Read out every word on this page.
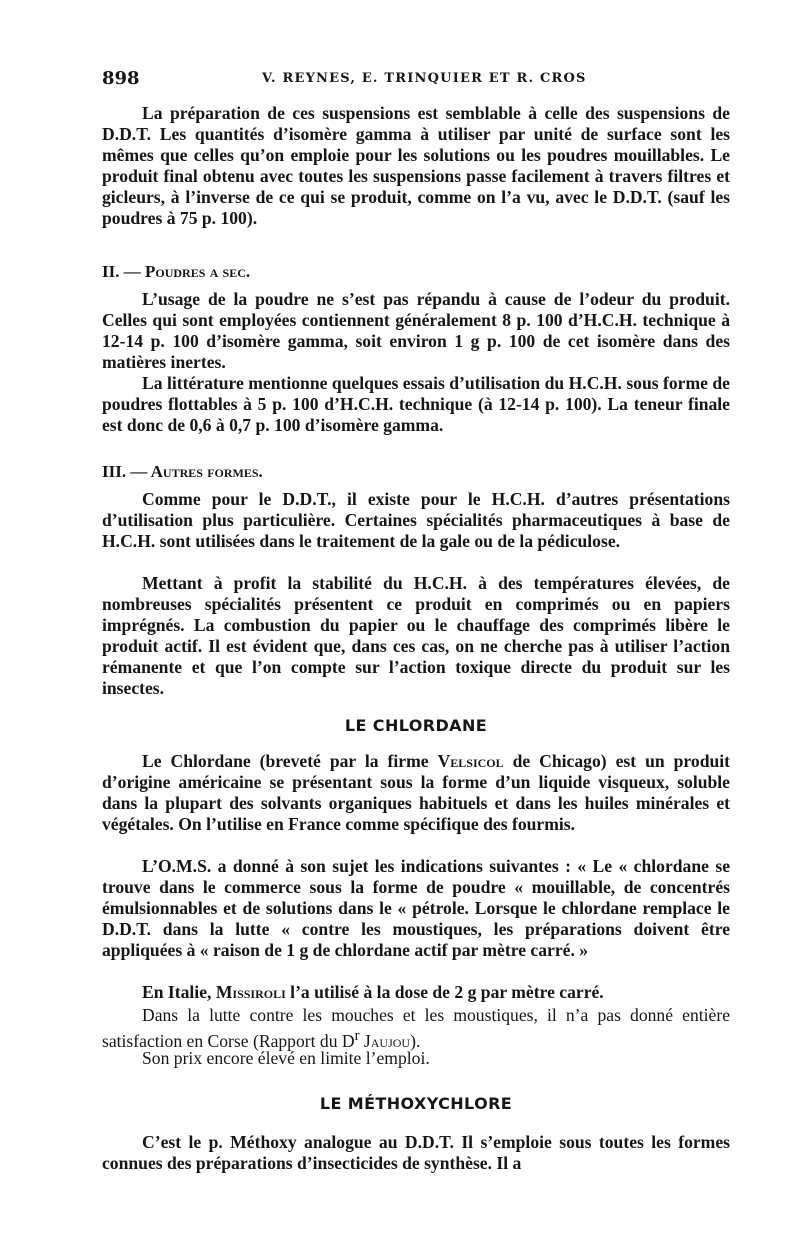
898	V. REYNES, E. TRINQUIER ET R. CROS

La préparation de ces suspensions est semblable à celle des suspensions de D.D.T. Les quantités d’isomère gamma à utiliser par unité de surface sont les mêmes que celles qu’on emploie pour les solutions ou les poudres mouillables. Le produit final obtenu avec toutes les suspensions passe facilement à travers filtres et gicleurs, à l’inverse de ce qui se produit, comme on l’a vu, avec le D.D.T. (sauf les poudres à 75 p. 100).

II. — Poudres a sec.

L’usage de la poudre ne s’est pas répandu à cause de l’odeur du produit. Celles qui sont employées contiennent généralement 8 p. 100 d’H.C.H. technique à 12-14 p. 100 d’isomère gamma, soit environ 1 g p. 100 de cet isomère dans des matières inertes.

La littérature mentionne quelques essais d’utilisation du H.C.H. sous forme de poudres flottables à 5 p. 100 d’H.C.H. technique (à 12-14 p. 100). La teneur finale est donc de 0,6 à 0,7 p. 100 d’isomère gamma.

III. — Autres formes.

Comme pour le D.D.T., il existe pour le H.C.H. d’autres présentations d’utilisation plus particulière. Certaines spécialités pharmaceutiques à base de H.C.H. sont utilisées dans le traitement de la gale ou de la pédiculose.

Mettant à profit la stabilité du H.C.H. à des températures élevées, de nombreuses spécialités présentent ce produit en comprimés ou en papiers imprégnés. La combustion du papier ou le chauffage des comprimés libère le produit actif. Il est évident que, dans ces cas, on ne cherche pas à utiliser l’action rémanente et que l’on compte sur l’action toxique directe du produit sur les insectes.

LE CHLORDANE

Le Chlordane (breveté par la firme Velsicol de Chicago) est un produit d’origine américaine se présentant sous la forme d’un liquide visqueux, soluble dans la plupart des solvants organiques habituels et dans les huiles minérales et végétales. On l’utilise en France comme spécifique des fourmis.

L’O.M.S. a donné à son sujet les indications suivantes : « Le « chlordane se trouve dans le commerce sous la forme de poudre « mouillable, de concentrés émulsionnables et de solutions dans le « pétrole. Lorsque le chlordane remplace le D.D.T. dans la lutte « contre les moustiques, les préparations doivent être appliquées à « raison de 1 g de chlordane actif par mètre carré. »

En Italie, Missiroli l’a utilisé à la dose de 2 g par mètre carré.

Dans la lutte contre les mouches et les moustiques, il n’a pas donné entière satisfaction en Corse (Rapport du $D^r$ Jaujou).

Son prix encore élevé en limite l’emploi.

LE MÉTHOXYCHLORE

C’est le p. Méthoxy analogue au D.D.T. Il s’emploie sous toutes les formes connues des préparations d’insecticides de synthèse. Il a
